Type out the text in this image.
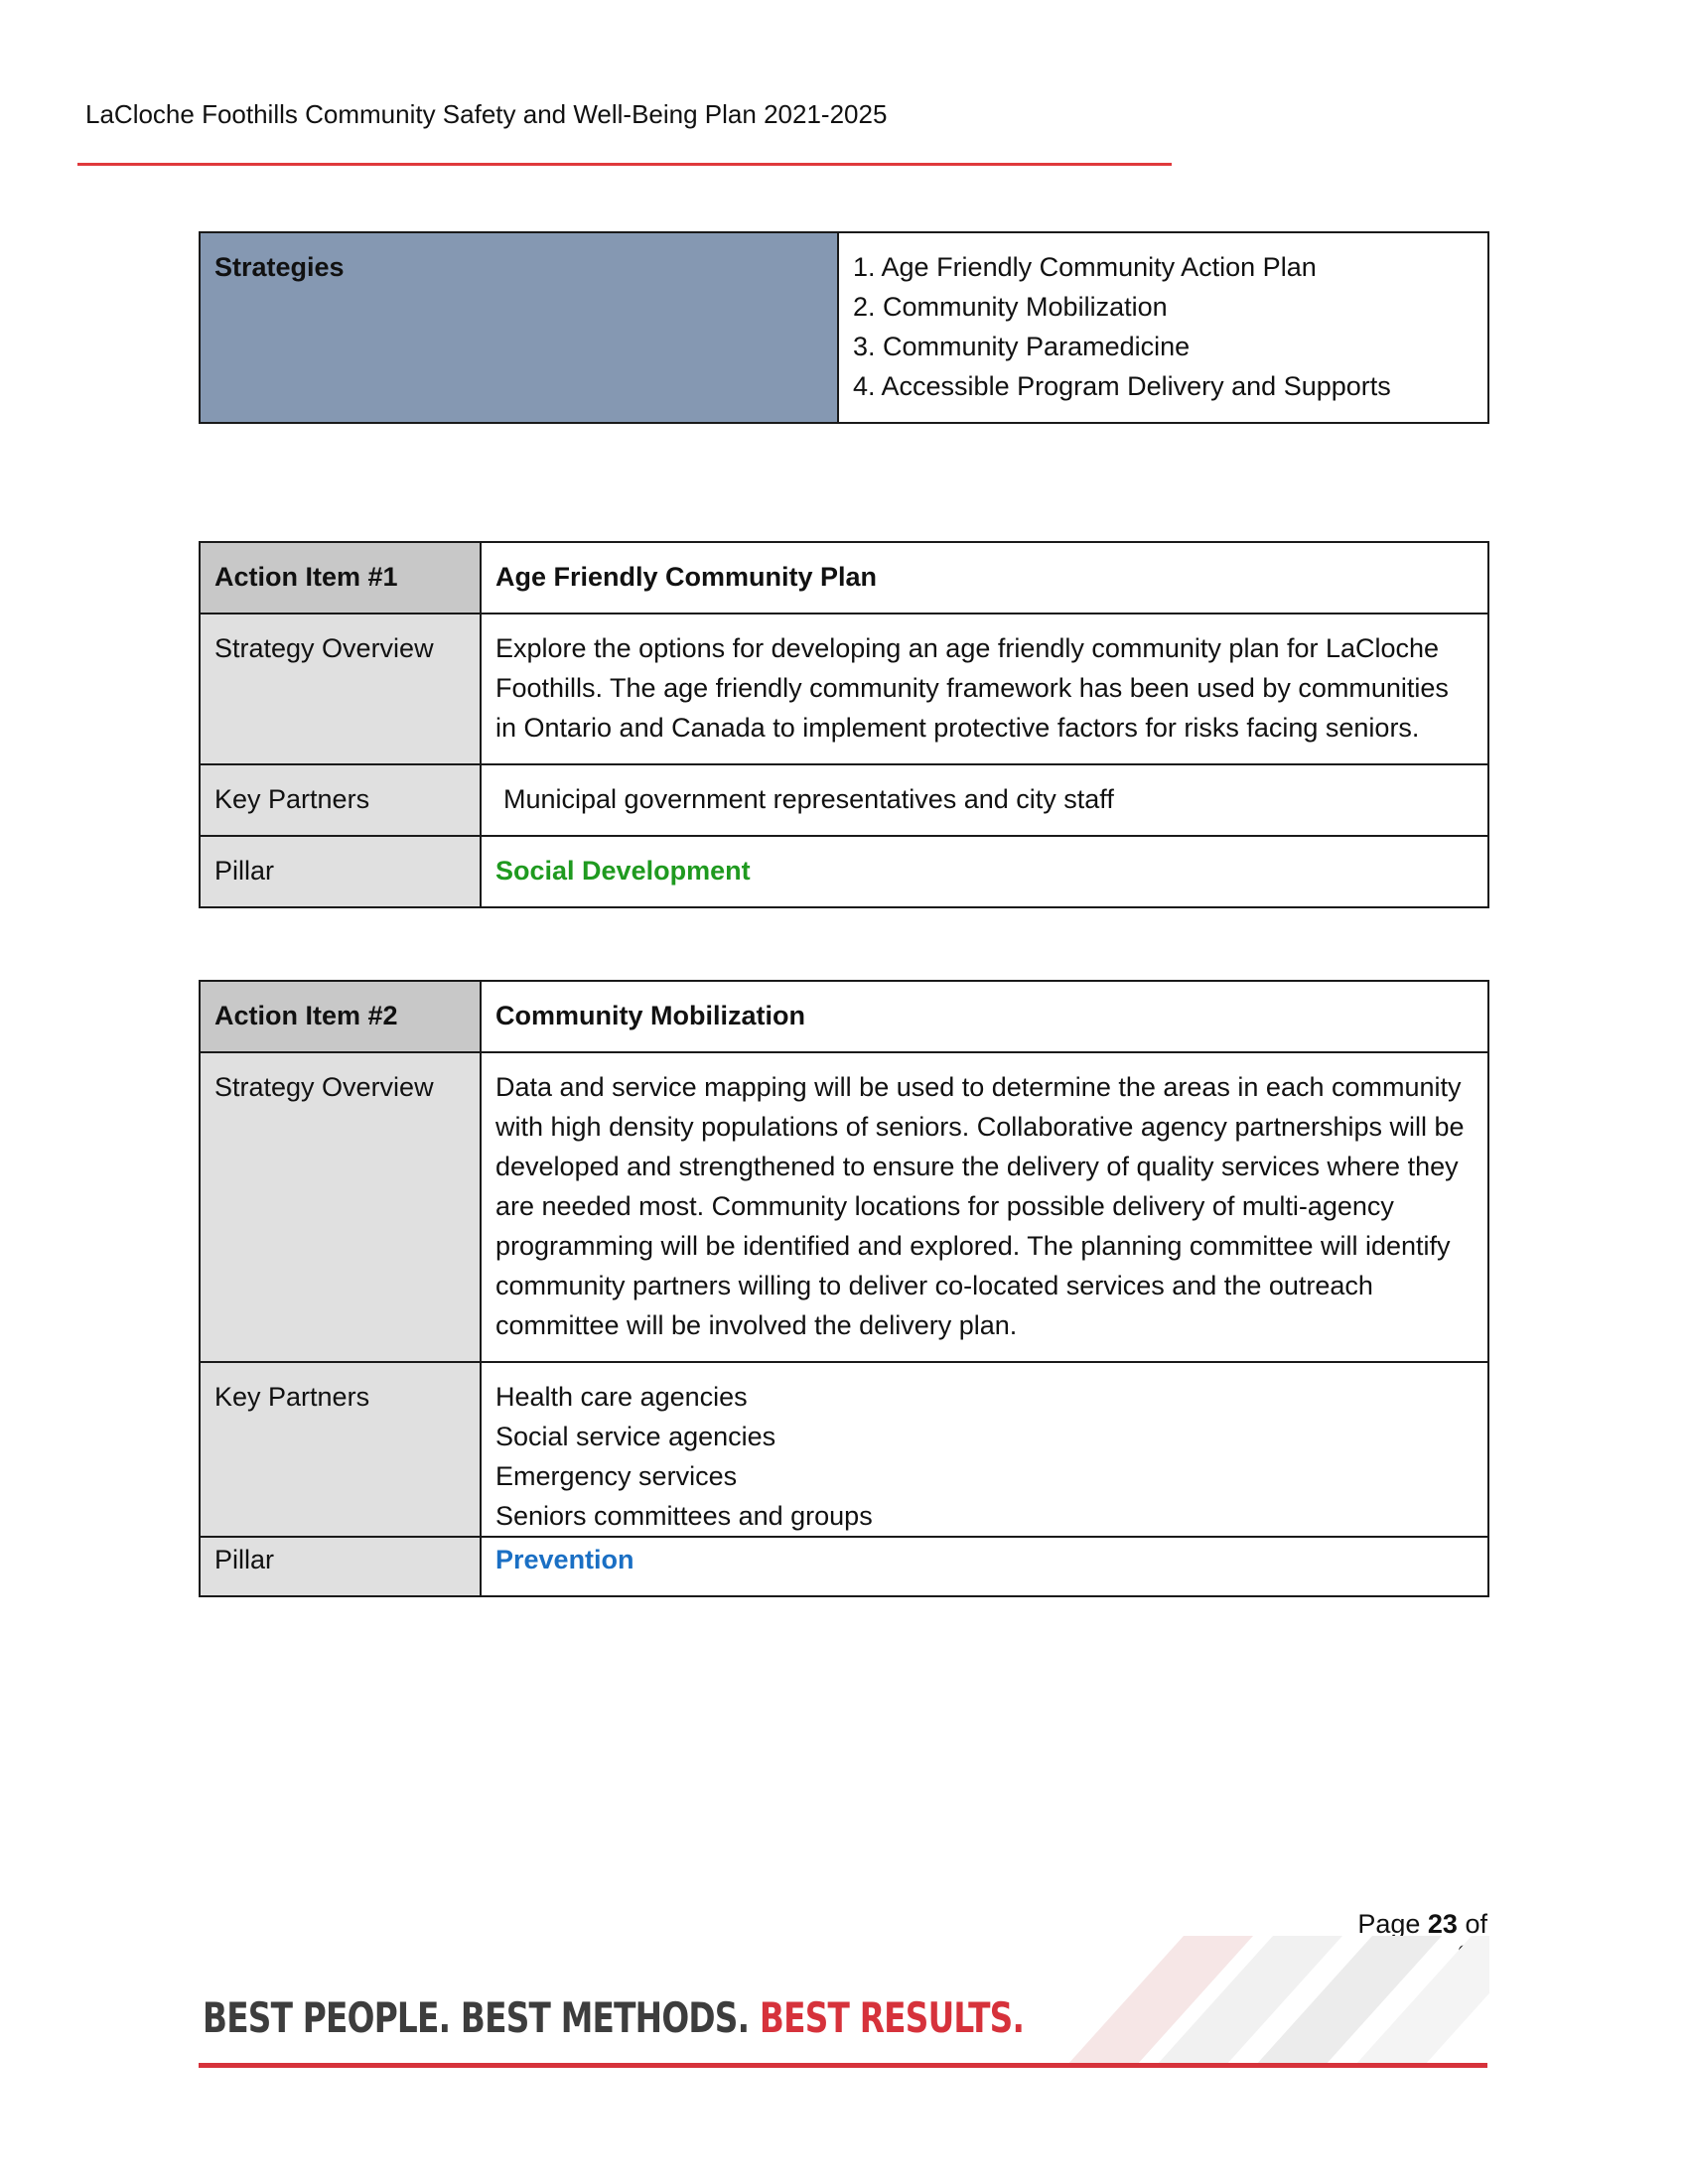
LaCloche Foothills Community Safety and Well-Being Plan 2021-2025
Strategies	1. Age Friendly Community Action Plan
2. Community Mobilization
3. Community Paramedicine
4. Accessible Program Delivery and Supports
Action Item #1	Age Friendly Community Plan
Strategy Overview	Explore the options for developing an age friendly community plan for LaCloche Foothills. The age friendly community framework has been used by communities in Ontario and Canada to implement protective factors for risks facing seniors.
Key Partners	Municipal government representatives and city staff
Pillar	Social Development
Action Item #2	Community Mobilization
Strategy Overview	Data and service mapping will be used to determine the areas in each community with high density populations of seniors. Collaborative agency partnerships will be developed and strengthened to ensure the delivery of quality services where they are needed most. Community locations for possible delivery of multi-agency programming will be identified and explored. The planning committee will identify community partners willing to deliver co-located services and the outreach committee will be involved the delivery plan.
Key Partners	Health care agencies
Social service agencies
Emergency services
Seniors committees and groups

Pillar	Prevention
Page 23 of
BEST PEOPLE. BEST METHODS. BEST RESULTS.
